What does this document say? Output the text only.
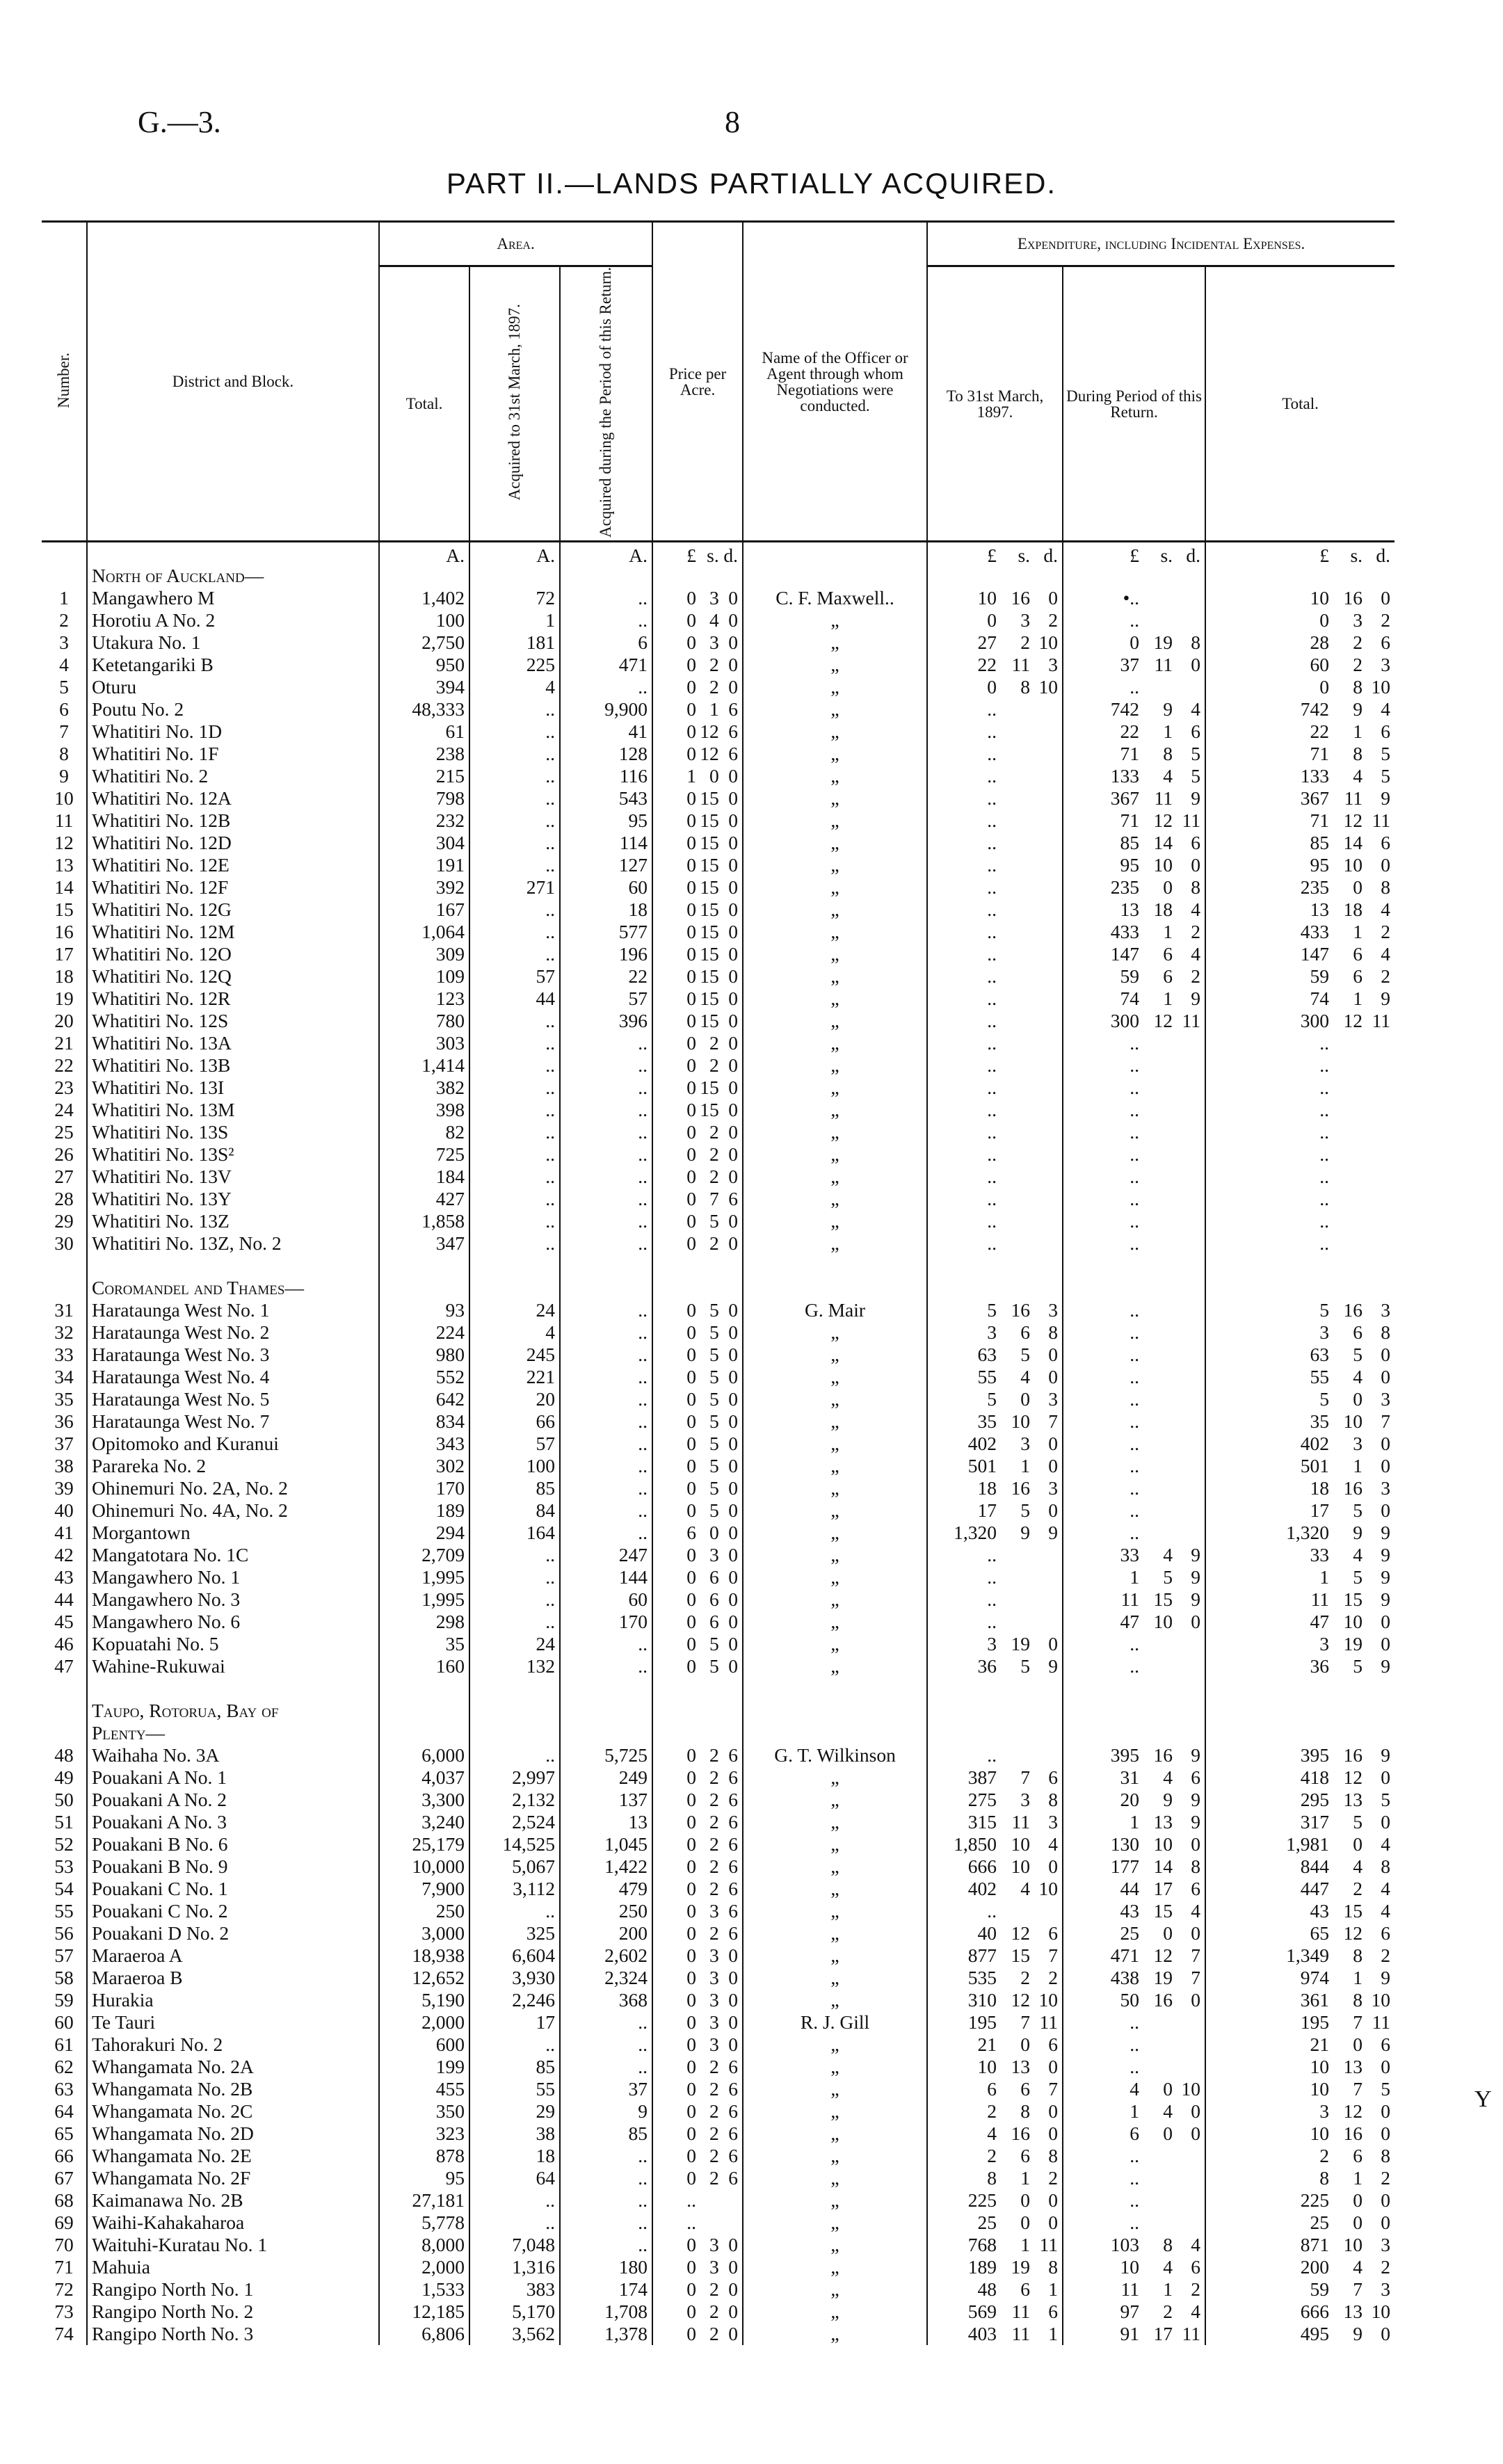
G.—3.	8
PART II.—LANDS PARTIALLY ACQUIRED.
Y
Number.	District and Block.	Area.			Price per Acre.	Name of the Officer or Agent through whom Negotiations were conducted.	Expenditure, including Incidental Expenses.		
		Total.	Acquired to 31st March, 1897.	Acquired during the Period of this Return.			To 31st March, 1897.	During Period of this Return.	Total.
		A.	A.	A.	£ s. d.		£ s. d.	£ s. d.	£ s. d.

	North of Auckland—								
1	Mangawhero M	1,402	72	..	0 3 0	C. F. Maxwell..	10 16 0	•..	10 16 0

2	Horotiu A No. 2	100	1	..	0 4 0	„	0 3 2	..	0 3 2

3	Utakura No. 1	2,750	181	6	0 3 0	„	27 2 10	0 19 8	28 2 6

4	Ketetangariki B	950	225	471	0 2 0	„	22 11 3	37 11 0	60 2 3

5	Oturu	394	4	..	0 2 0	„	0 8 10	..	0 8 10

6	Poutu No. 2	48,333	..	9,900	0 1 6	„	..	742 9 4	742 9 4

7	Whatitiri No. 1D	61	..	41	0 12 6	„	..	22 1 6	22 1 6

8	Whatitiri No. 1F	238	..	128	0 12 6	„	..	71 8 5	71 8 5

9	Whatitiri No. 2	215	..	116	1 0 0	„	..	133 4 5	133 4 5

10	Whatitiri No. 12A	798	..	543	0 15 0	„	..	367 11 9	367 11 9

11	Whatitiri No. 12B	232	..	95	0 15 0	„	..	71 12 11	71 12 11

12	Whatitiri No. 12D	304	..	114	0 15 0	„	..	85 14 6	85 14 6

13	Whatitiri No. 12E	191	..	127	0 15 0	„	..	95 10 0	95 10 0

14	Whatitiri No. 12F	392	271	60	0 15 0	„	..	235 0 8	235 0 8

15	Whatitiri No. 12G	167	..	18	0 15 0	„	..	13 18 4	13 18 4

16	Whatitiri No. 12M	1,064	..	577	0 15 0	„	..	433 1 2	433 1 2

17	Whatitiri No. 12O	309	..	196	0 15 0	„	..	147 6 4	147 6 4

18	Whatitiri No. 12Q	109	57	22	0 15 0	„	..	59 6 2	59 6 2

19	Whatitiri No. 12R	123	44	57	0 15 0	„	..	74 1 9	74 1 9

20	Whatitiri No. 12S	780	..	396	0 15 0	„	..	300 12 11	300 12 11

21	Whatitiri No. 13A	303	..	..	0 2 0	„	..	..	..

22	Whatitiri No. 13B	1,414	..	..	0 2 0	„	..	..	..

23	Whatitiri No. 13I	382	..	..	0 15 0	„	..	..	..

24	Whatitiri No. 13M	398	..	..	0 15 0	„	..	..	..

25	Whatitiri No. 13S	82	..	..	0 2 0	„	..	..	..

26	Whatitiri No. 13S²	725	..	..	0 2 0	„	..	..	..

27	Whatitiri No. 13V	184	..	..	0 2 0	„	..	..	..

28	Whatitiri No. 13Y	427	..	..	0 7 6	„	..	..	..

29	Whatitiri No. 13Z	1,858	..	..	0 5 0	„	..	..	..

30	Whatitiri No. 13Z, No. 2	347	..	..	0 2 0	„	..	..	..

	Coromandel and Thames—								
31	Harataunga West No. 1	93	24	..	0 5 0	G. Mair	5 16 3	..	5 16 3

32	Harataunga West No. 2	224	4	..	0 5 0	„	3 6 8	..	3 6 8

33	Harataunga West No. 3	980	245	..	0 5 0	„	63 5 0	..	63 5 0

34	Harataunga West No. 4	552	221	..	0 5 0	„	55 4 0	..	55 4 0

35	Harataunga West No. 5	642	20	..	0 5 0	„	5 0 3	..	5 0 3

36	Harataunga West No. 7	834	66	..	0 5 0	„	35 10 7	..	35 10 7

37	Opitomoko and Kuranui	343	57	..	0 5 0	„	402 3 0	..	402 3 0

38	Parareka No. 2	302	100	..	0 5 0	„	501 1 0	..	501 1 0

39	Ohinemuri No. 2A, No. 2	170	85	..	0 5 0	„	18 16 3	..	18 16 3

40	Ohinemuri No. 4A, No. 2	189	84	..	0 5 0	„	17 5 0	..	17 5 0

41	Morgantown	294	164	..	6 0 0	„	1,320 9 9	..	1,320 9 9

42	Mangatotara No. 1C	2,709	..	247	0 3 0	„	..	33 4 9	33 4 9

43	Mangawhero No. 1	1,995	..	144	0 6 0	„	..	1 5 9	1 5 9

44	Mangawhero No. 3	1,995	..	60	0 6 0	„	..	11 15 9	11 15 9

45	Mangawhero No. 6	298	..	170	0 6 0	„	..	47 10 0	47 10 0

46	Kopuatahi No. 5	35	24	..	0 5 0	„	3 19 0	..	3 19 0

47	Wahine-Rukuwai	160	132	..	0 5 0	„	36 5 9	..	36 5 9

	Taupo, Rotorua, Bay of								
	Plenty—								
48	Waihaha No. 3A	6,000	..	5,725	0 2 6	G. T. Wilkinson	..	395 16 9	395 16 9

49	Pouakani A No. 1	4,037	2,997	249	0 2 6	„	387 7 6	31 4 6	418 12 0

50	Pouakani A No. 2	3,300	2,132	137	0 2 6	„	275 3 8	20 9 9	295 13 5

51	Pouakani A No. 3	3,240	2,524	13	0 2 6	„	315 11 3	1 13 9	317 5 0

52	Pouakani B No. 6	25,179	14,525	1,045	0 2 6	„	1,850 10 4	130 10 0	1,981 0 4

53	Pouakani B No. 9	10,000	5,067	1,422	0 2 6	„	666 10 0	177 14 8	844 4 8

54	Pouakani C No. 1	7,900	3,112	479	0 2 6	„	402 4 10	44 17 6	447 2 4

55	Pouakani C No. 2	250	..	250	0 3 6	„	..	43 15 4	43 15 4

56	Pouakani D No. 2	3,000	325	200	0 2 6	„	40 12 6	25 0 0	65 12 6

57	Maraeroa A	18,938	6,604	2,602	0 3 0	„	877 15 7	471 12 7	1,349 8 2

58	Maraeroa B	12,652	3,930	2,324	0 3 0	„	535 2 2	438 19 7	974 1 9

59	Hurakia	5,190	2,246	368	0 3 0	„	310 12 10	50 16 0	361 8 10

60	Te Tauri	2,000	17	..	0 3 0	R. J. Gill	195 7 11	..	195 7 11

61	Tahorakuri No. 2	600	..	..	0 3 0	„	21 0 6	..	21 0 6

62	Whangamata No. 2A	199	85	..	0 2 6	„	10 13 0	..	10 13 0

63	Whangamata No. 2B	455	55	37	0 2 6	„	6 6 7	4 0 10	10 7 5

64	Whangamata No. 2C	350	29	9	0 2 6	„	2 8 0	1 4 0	3 12 0

65	Whangamata No. 2D	323	38	85	0 2 6	„	4 16 0	6 0 0	10 16 0

66	Whangamata No. 2E	878	18	..	0 2 6	„	2 6 8	..	2 6 8

67	Whangamata No. 2F	95	64	..	0 2 6	„	8 1 2	..	8 1 2

68	Kaimanawa No. 2B	27,181	..	..	..	„	225 0 0	..	225 0 0

69	Waihi-Kahakaharoa	5,778	..	..	..	„	25 0 0	..	25 0 0

70	Waituhi-Kuratau No. 1	8,000	7,048	..	0 3 0	„	768 1 11	103 8 4	871 10 3

71	Mahuia	2,000	1,316	180	0 3 0	„	189 19 8	10 4 6	200 4 2

72	Rangipo North No. 1	1,533	383	174	0 2 0	„	48 6 1	11 1 2	59 7 3

73	Rangipo North No. 2	12,185	5,170	1,708	0 2 0	„	569 11 6	97 2 4	666 13 10

74	Rangipo North No. 3	6,806	3,562	1,378	0 2 0	„	403 11 1	91 17 11	495 9 0
